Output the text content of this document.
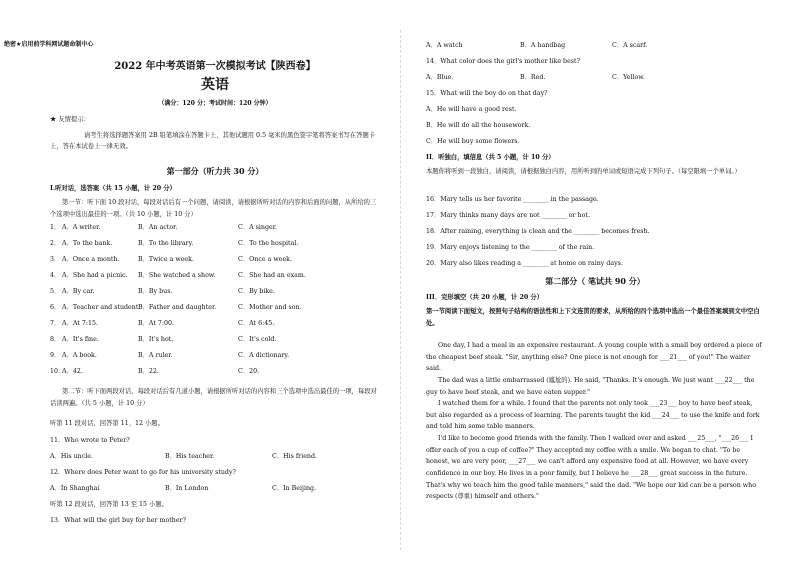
绝密★启用前学科网试题命制中心
2022 年中考英语第一次模拟考试【陕西卷】
英语
（满分：120 分；考试时间：120 分钟）
★ 友情提示：
请考生将选择题答案用 2B 铅笔填涂在答题卡上，其他试题用 0.5 毫米的黑色签字笔将答案书写在答题卡上，答在本试卷上一律无效。
第一部分（听力共 30 分）
I.听对话，选答案（共 15 小题，计 20 分）
第一节：听下面 10 段对话，每段对话后有一个问题，请阅读，请根据所听对话的内容和后面的问题，从所给的三个选项中选出最佳的一项。（共 10 小题，计 10 分）
1． A．A writer.	B．An actor.	C．A singer.
2． A．To the bank.	B．To the library.	C．To the hospital.
3． A．Once a month.	B．Twice a week.	C．Once a week.
4． A．She had a picnic. B．She watched a show.	C．She had an exam.
5． A．By car.	B．By bus.	C．By bike.
6． A．Teacher and student.
B．Father and daughter.	C．Mother and son.
7． A．At 7:15.	B．At 7:00.	C．At 6:45.
8． A．It's fine.	B．It's hot.	C．It's cold.
9． A．A book.	B．A ruler.	C．A dictionary.
10．
A．42.	B．22.	C．20.
第二节：听下面两段对话，每段对话后有几道小题，请根据所听对话的内容和三个选项中选出最佳的一项，每段对话读两遍。（共 5 小题，计 10 分）
听第 11 段对话，回答第 11、12 小题。
11．Who wrote to Peter?
A．His uncle.	B．His teacher.	C．His friend.
12．Where does Peter want to go for his university study?
A．In Shanghai	B．In London	C．In Beijing.
听第 12 段对话，回答第 13 至 15 小题。
13．What will the girl buy for her mother?
A．A watch	B．A handbag	C．A scarf.
14．What color does the girl's mother like best?
A．Blue.	B．Red.	C．Yellow.
15．What will the boy do on that day?
A．He will have a good rest.
B．He will do all the housework.
C．He will buy some flowers.
II．听独白，填信息（共 5 小题，计 10 分）
本题你将听到一段独白，请阅读，请根据独白内容，用所听到的单词或短语完成下列句子。（每空限填一个单词。）
16．Mary tells us her favorite ________ in the passage.
17．Mary thinks many days are not ________ or hot.
18．After raining, everything is clean and the ________ becomes fresh.
19．Mary enjoys listening to the ________ of the rain.
20．Mary also likes reading a ________ at home on rainy days.
第二部分（ 笔试共 90 分）
III．完形填空（共 20 小题，计 20 分）
第一节阅读下面短文，按照句子结构的语法性和上下文连贯的要求，从所给的四个选项中选出一个最佳答案填到文中空白处。
One day, I had a meal in an expensive restaurant. A young couple with a small boy ordered a piece of the cheapest beef steak. "Sir, anything else? One piece is not enough for ___21___ of you!" The waiter said.
The dad was a little embarrassed (尴尬的). He said, "Thanks. It's enough. We just want ___22___ the guy to have beef steak, and we have eaten supper."
I watched them for a while. I found that the parents not only took ___23___ boy to have beef steak, but also regarded as a process of learning. The parents taught the kid ___24___ to use the knife and fork and told him some table manners.
I'd like to become good friends with the family. Then I walked over and asked ___25___, "___26___ I offer each of you a cup of coffee?" They accepted my coffee with a smile. We began to chat. "To be honest, we are very poor, ___27___ we can't afford any expensive food at all. However, we have every confidence in our boy. He lives in a poor family, but I believe he ___28___ great success in the future. That's why we teach him the good table manners," said the dad. "We hope our kid can be a person who respects (尊重) himself and others."
